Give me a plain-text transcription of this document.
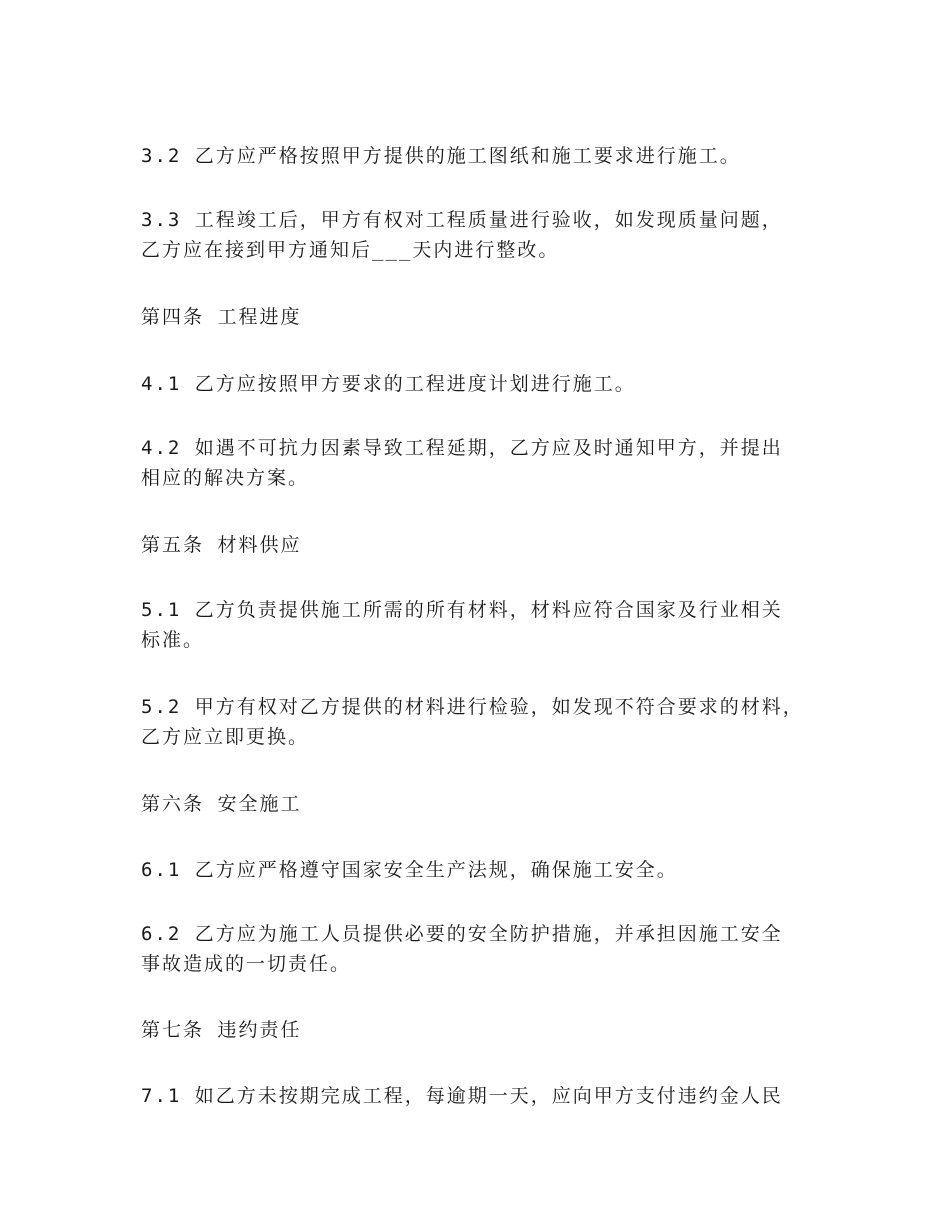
3.2 乙方应严格按照甲方提供的施工图纸和施工要求进行施工。

3.3 工程竣工后，甲方有权对工程质量进行验收，如发现质量问题，
乙方应在接到甲方通知后___天内进行整改。

第四条 工程进度

4.1 乙方应按照甲方要求的工程进度计划进行施工。

4.2 如遇不可抗力因素导致工程延期，乙方应及时通知甲方，并提出
相应的解决方案。

第五条 材料供应

5.1 乙方负责提供施工所需的所有材料，材料应符合国家及行业相关
标准。

5.2 甲方有权对乙方提供的材料进行检验，如发现不符合要求的材料，
乙方应立即更换。

第六条 安全施工

6.1 乙方应严格遵守国家安全生产法规，确保施工安全。

6.2 乙方应为施工人员提供必要的安全防护措施，并承担因施工安全
事故造成的一切责任。

第七条 违约责任

7.1 如乙方未按期完成工程，每逾期一天，应向甲方支付违约金人民
